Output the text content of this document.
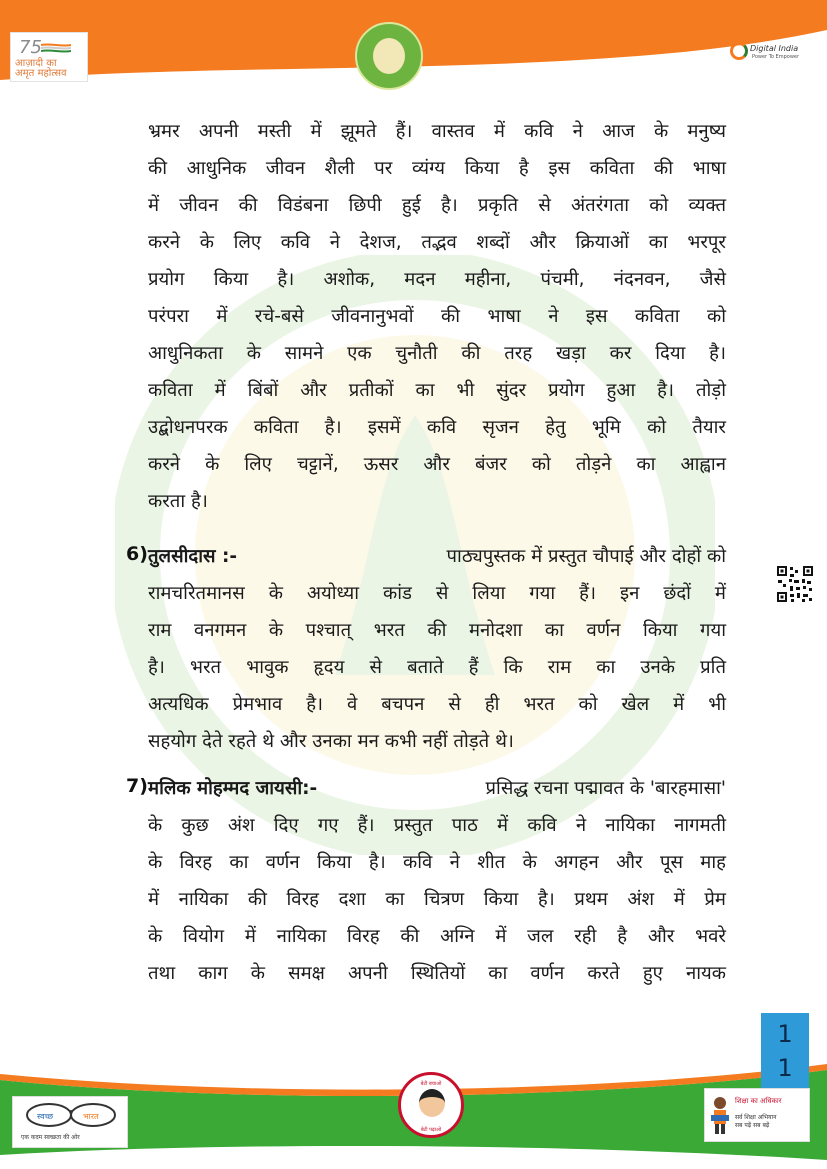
75
आज़ादी का
अमृत महोत्सव
Digital India
Power To Empower
भ्रमर अपनी मस्ती में झूमते हैं। वास्तव में कवि ने आज के मनुष्य
की आधुनिक जीवन शैली पर व्यंग्य किया है इस कविता की भाषा
में जीवन की विडंबना छिपी हुई है। प्रकृति से अंतरंगता को व्यक्त
करने के लिए कवि ने देशज, तद्भव शब्दों और क्रियाओं का भरपूर
प्रयोग किया है। अशोक, मदन महीना, पंचमी, नंदनवन, जैसे
परंपरा में रचे-बसे जीवनानुभवों की भाषा ने इस कविता को
आधुनिकता के सामने एक चुनौती की तरह खड़ा कर दिया है।
कविता में बिंबों और प्रतीकों का भी सुंदर प्रयोग हुआ है। तोड़ो
उद्बोधनपरक कविता है। इसमें कवि सृजन हेतु भूमि को तैयार
करने के लिए चट्टानें, ऊसर और बंजर को तोड़ने का आह्वान
करता है।
6) तुलसीदास :-	पाठ्यपुस्तक में प्रस्तुत चौपाई और दोहों को
रामचरितमानस के अयोध्या कांड से लिया गया हैं। इन छंदों में
राम वनगमन के पश्चात् भरत की मनोदशा का वर्णन किया गया
है। भरत भावुक हृदय से बताते हैं कि राम का उनके प्रति
अत्यधिक प्रेमभाव है। वे बचपन से ही भरत को खेल में भी
सहयोग देते रहते थे और उनका मन कभी नहीं तोड़ते थे।
7) मलिक मोहम्मद जायसी:-	प्रसिद्ध रचना पद्मावत के 'बारहमासा'
के कुछ अंश दिए गए हैं। प्रस्तुत पाठ में कवि ने नायिका नागमती
के विरह का वर्णन किया है। कवि ने शीत के अगहन और पूस माह
में नायिका की विरह दशा का चित्रण किया है। प्रथम अंश में प्रेम
के वियोग में नायिका विरह की अग्नि में जल रही है और भवरे
तथा काग के समक्ष अपनी स्थितियों का वर्णन करते हुए नायक
1
1
स्वच्छ	भारत
एक कदम स्वच्छता की ओर
बेटी बचाओ
बेटी पढ़ाओ
शिक्षा का अधिकार
सर्व शिक्षा अभियान
सब पढ़ें सब बढ़ें
